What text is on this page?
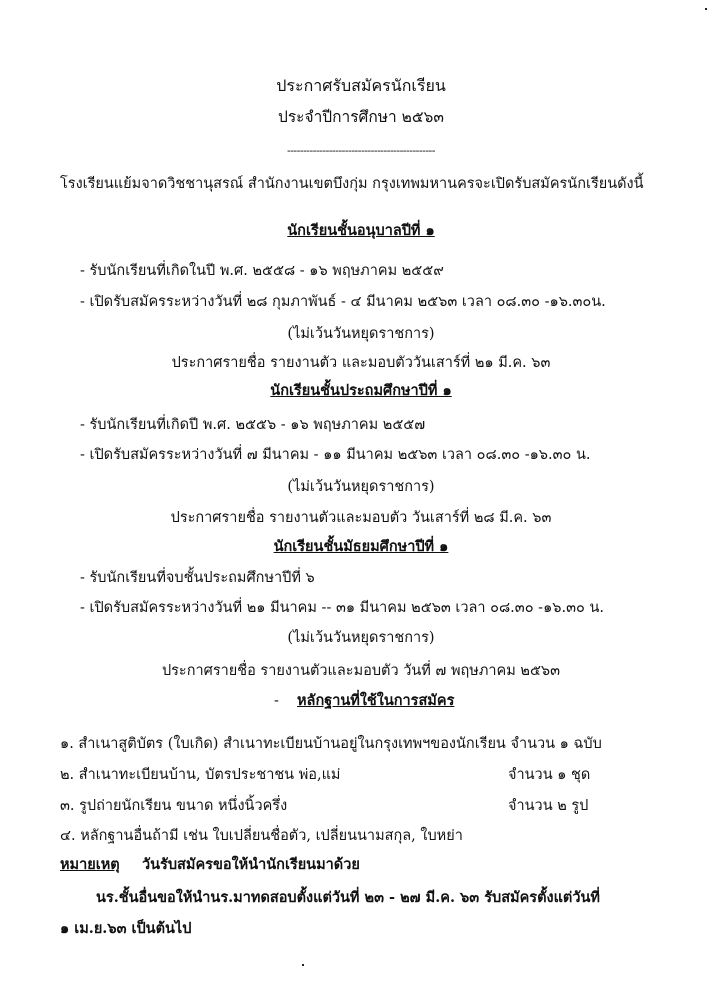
ประกาศรับสมัครนักเรียน
ประจำปีการศึกษา ๒๕๖๓
----------------------------------------------
โรงเรียนแย้มจาดวิชชานุสรณ์ สำนักงานเขตบึงกุ่ม กรุงเทพมหานครจะเปิดรับสมัครนักเรียนดังนี้
นักเรียนชั้นอนุบาลปีที่ ๑
- รับนักเรียนที่เกิดในปี พ.ศ. ๒๕๕๘ - ๑๖ พฤษภาคม ๒๕๕๙
- เปิดรับสมัครระหว่างวันที่ ๒๘ กุมภาพันธ์ - ๔ มีนาคม ๒๕๖๓ เวลา ๐๘.๓๐ -๑๖.๓๐น.
(ไม่เว้นวันหยุดราชการ)
ประกาศรายชื่อ รายงานตัว และมอบตัววันเสาร์ที่ ๒๑ มี.ค. ๖๓
นักเรียนชั้นประถมศึกษาปีที่ ๑
- รับนักเรียนที่เกิดปี พ.ศ. ๒๕๕๖ - ๑๖ พฤษภาคม ๒๕๕๗
- เปิดรับสมัครระหว่างวันที่ ๗ มีนาคม - ๑๑ มีนาคม ๒๕๖๓ เวลา ๐๘.๓๐ -๑๖.๓๐ น.
(ไม่เว้นวันหยุดราชการ)
ประกาศรายชื่อ รายงานตัวและมอบตัว วันเสาร์ที่ ๒๘ มี.ค. ๖๓
นักเรียนชั้นมัธยมศึกษาปีที่ ๑
- รับนักเรียนที่จบชั้นประถมศึกษาปีที่ ๖
- เปิดรับสมัครระหว่างวันที่ ๒๑ มีนาคม -- ๓๑ มีนาคม ๒๕๖๓ เวลา ๐๘.๓๐ -๑๖.๓๐ น.
(ไม่เว้นวันหยุดราชการ)
ประกาศรายชื่อ รายงานตัวและมอบตัว วันที่ ๗ พฤษภาคม ๒๕๖๓
- หลักฐานที่ใช้ในการสมัคร
๑. สำเนาสูติบัตร (ใบเกิด) สำเนาทะเบียนบ้านอยู่ในกรุงเทพฯของนักเรียน จำนวน ๑ ฉบับ
๒. สำเนาทะเบียนบ้าน, บัตรประชาชน พ่อ,แม่	จำนวน ๑ ชุด
๓. รูปถ่ายนักเรียน ขนาด หนึ่งนิ้วครึ่ง	จำนวน ๒ รูป
๔. หลักฐานอื่นถ้ามี เช่น ใบเปลี่ยนชื่อตัว, เปลี่ยนนามสกุล, ใบหย่า
หมายเหตุ วันรับสมัครขอให้นำนักเรียนมาด้วย
นร.ชั้นอื่นขอให้นำนร.มาทดสอบตั้งแต่วันที่ ๒๓ - ๒๗ มี.ค. ๖๓ รับสมัครตั้งแต่วันที่
๑ เม.ย.๖๓ เป็นต้นไป
